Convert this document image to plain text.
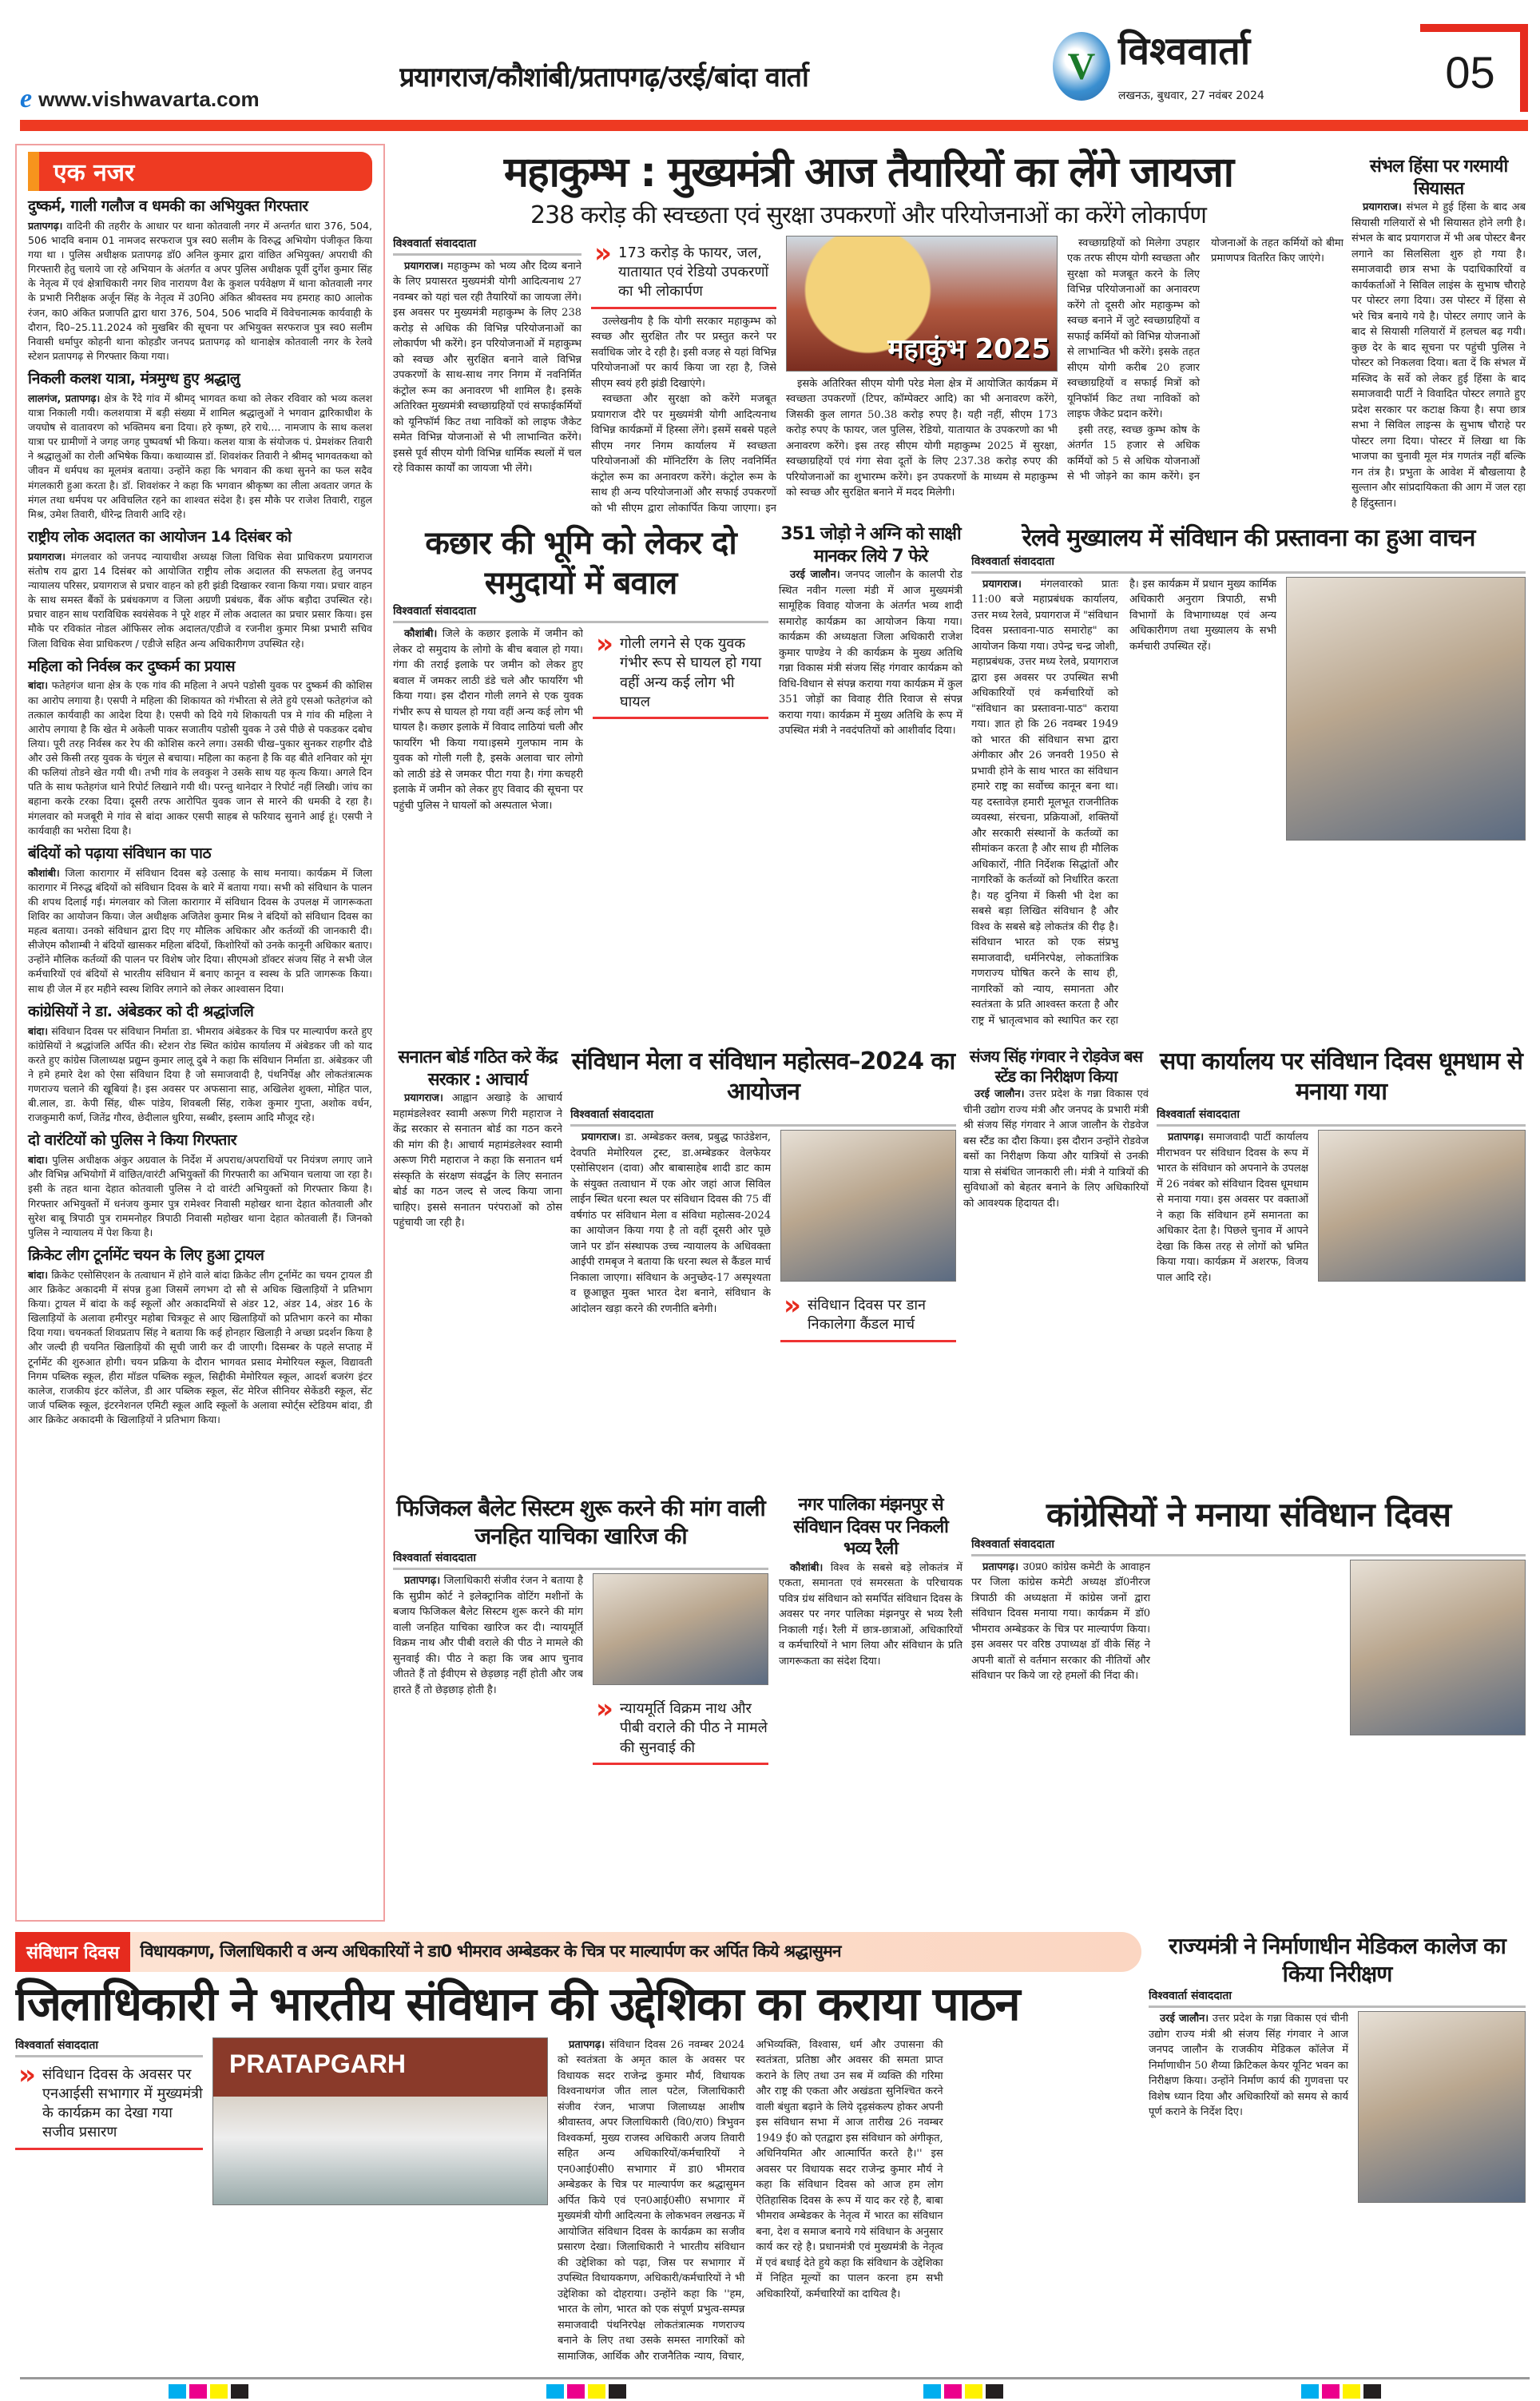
e www.vishwavarta.com
प्रयागराज/कौशांबी/प्रतापगढ़/उरई/बांदा वार्ता	V विश्ववार्ता
लखनऊ, बुधवार, 27 नवंबर 2024	05
एक नजर
दुष्कर्म, गाली गलौज व धमकी का अभियुक्त गिरफ्तार
प्रतापगढ़। वादिनी की तहरीर के आधार पर थाना कोतवाली नगर में अन्तर्गत धारा 376, 504, 506 भादवि बनाम 01 नामजद सरफराज पुत्र स्व0 सलीम के विरुद्ध अभियोग पंजीकृत किया गया था । पुलिस अधीक्षक प्रतापगढ़ डॉ0 अनिल कुमार द्वारा वांछित अभियुक्त/ अपराधी की गिरफ्तारी हेतु चलाये जा रहे अभियान के अंतर्गत व अपर पुलिस अधीक्षक पूर्वी दुर्गेश कुमार सिंह के नेतृत्व में एवं क्षेत्राधिकारी नगर शिव नारायण वैश के कुशल पर्यवेक्षण में थाना कोतवाली नगर के प्रभारी निरीक्षक अर्जून सिंह के नेतृत्व में उ0नि0 अंकित श्रीवस्तव मय हमराह का0 आलोक रंजन, का0 अंकित प्रजापति द्वारा धारा 376, 504, 506 भादवि में विवेचनात्मक कार्यवाही के दौरान, दि0–25.11.2024 को मुखबिर की सूचना पर अभियुक्त सरफराज पुत्र स्व0 सलीम निवासी धर्मापुर कोहनी थाना कोहडौर जनपद प्रतापगढ़ को थानाक्षेत्र कोतवाली नगर के रेलवे स्टेशन प्रतापगढ़ से गिरफ्तार किया गया।
निकली कलश यात्रा, मंत्रमुग्ध हुए श्रद्धालु
लालगंज, प्रतापगढ़। क्षेत्र के रैंदे गांव में श्रीमद् भागवत कथा को लेकर रविवार को भव्य कलश यात्रा निकाली गयी। कलशयात्रा में बड़ी संख्या में शामिल श्रद्धालुओं ने भगवान द्वारिकाधीश के जयघोष से वातावरण को भक्तिमय बना दिया। हरे कृष्ण, हरे राधे.... नामजाप के साथ कलश यात्रा पर ग्रामीणों ने जगह जगह पुष्पवर्षा भी किया। कलश यात्रा के संयोजक पं. प्रेमशंकर तिवारी ने श्रद्धालुओं का रोली अभिषेक किया। कथाव्यास डॉ. शिवशंकर तिवारी ने श्रीमद् भागवतकथा को जीवन में धर्मपथ का मूलमंत्र बताया। उन्होंने कहा कि भगवान की कथा सुनने का फल सदैव मंगलकारी हुआ करता है। डॉ. शिवशंकर ने कहा कि भगवान श्रीकृष्ण का लीला अवतार जगत के मंगल तथा धर्मपथ पर अविचलित रहने का शाश्वत संदेश है। इस मौके पर राजेश तिवारी, राहुल मिश्र, उमेश तिवारी, धीरेन्द्र तिवारी आदि रहे।
राष्ट्रीय लोक अदालत का आयोजन 14 दिसंबर को
प्रयागराज। मंगलवार को जनपद न्यायाधीश अध्यक्ष जिला विधिक सेवा प्राधिकरण प्रयागराज संतोष राय द्वारा 14 दिसंबर को आयोजित राष्ट्रीय लोक अदालत की सफलता हेतु जनपद न्यायालय परिसर, प्रयागराज से प्रचार वाहन को हरी झंडी दिखाकर रवाना किया गया। प्रचार वाहन के साथ समस्त बैंकों के प्रबंधकगण व जिला अग्रणी प्रबंधक, बैंक ऑफ बड़ौदा उपस्थित रहे। प्रचार वाहन साथ पराविधिक स्वयंसेवक ने पूरे शहर में लोक अदालत का प्रचार प्रसार किया। इस मौके पर रविकांत नोडल ऑफिसर लोक अदालत/एडीजे व रजनीश कुमार मिश्रा प्रभारी सचिव जिला विधिक सेवा प्राधिकरण / एडीजे सहित अन्य अधिकारीगण उपस्थित रहे।
महिला को निर्वस्त्र कर दुष्कर्म का प्रयास
बांदा। फतेहगंज थाना क्षेत्र के एक गांव की महिला ने अपने पडोसी युवक पर दुष्कर्म की कोशिस का आरोप लगाया है। एसपी ने महिला की शिकायत को गंभीरता से लेते हुये एसओ फतेहगंज को तत्काल कार्यवाही का आदेश दिया है। एसपी को दिये गये शिकायती पत्र मे गांव की महिला ने आरोप लगाया है कि खेत मे अकेली पाकर सजातीय पडोसी युवक ने उसे पीछे से पकडकर दबोच लिया। पूरी तरह निर्वस्त्र कर रेप की कोशिस करने लगा। उसकी चीख–पुकार सुनकर राहगीर दौडे और उसे किसी तरह युवक के चंगुल से बचाया। महिला का कहना है कि वह बीते शनिवार को मूंग की फलियां तोडने खेत गयी थी। तभी गांव के लवकुश ने उसके साथ यह कृत्य किया। अगले दिन पति के साथ फतेहगंज थाने रिपोर्ट लिखाने गयी थी। परन्तु थानेदार ने रिपोर्ट नहीं लिखी। जांच का बहाना करके टरका दिया। दूसरी तरफ आरोपित युवक जान से मारने की धमकी दे रहा है। मंगलवार को मजबूरी मे गांव से बांदा आकर एसपी साहब से फरियाद सुनाने आई हूं। एसपी ने कार्यवाही का भरोसा दिया है।
बंदियों को पढ़ाया संविधान का पाठ
कौशांबी। जिला कारागार में संविधान दिवस बड़े उत्साह के साथ मनाया। कार्यक्रम में जिला कारागार में निरुद्ध बंदियों को संविधान दिवस के बारे में बताया गया। सभी को संविधान के पालन की शपथ दिलाई गई। मंगलवार को जिला कारागार में संविधान दिवस के उपलक्ष में जागरूकता शिविर का आयोजन किया। जेल अधीक्षक अजितेश कुमार मिश्र ने बंदियों को संविधान दिवस का महत्व बताया। उनको संविधान द्वारा दिए गए मौलिक अधिकार और कर्तव्यों की जानकारी दी। सीजेएम कौशाम्बी ने बंदियों खासकर महिला बंदियों, किशोरियों को उनके कानूनी अधिकार बताए। उन्होंने मौलिक कर्तव्यों की पालन पर विशेष जोर दिया। सीएमओ डॉक्टर संजय सिंह ने सभी जेल कर्मचारियों एवं बंदियों से भारतीय संविधान में बनाए कानून व स्वस्थ के प्रति जागरूक किया। साथ ही जेल में हर महीने स्वस्थ शिविर लगाने को लेकर आश्वासन दिया।
कांग्रेसियों ने डा. अंबेडकर को दी श्रद्धांजलि
बांदा। संविधान दिवस पर संविधान निर्माता डा. भीमराव अंबेडकर के चित्र पर माल्यार्पण करते हुए कांग्रेसियों ने श्रद्धांजलि अर्पित की। स्टेशन रोड स्थित कांग्रेस कार्यालय में अंबेडकर जी को याद करते हुए कांग्रेस जिलाध्यक्ष प्रद्युम्न कुमार लालू दुबे ने कहा कि संविधान निर्माता डा. अंबेडकर जी ने हमे हमारे देश को ऐसा संविधान दिया है जो समाजवादी है, पंथनिर्पेक्ष और लोकतंत्रात्मक गणराज्य चलाने की खूबियां है। इस अवसर पर अफसाना साह, अखिलेश शुक्ला, मोहित पाल, बी.लाल, डा. केपी सिंह, धीरू पांडेय, शिवबली सिंह, राकेश कुमार गुप्ता, अशोक वर्धन, राजकुमारी कर्ण, जितेंद्र गौरव, छेदीलाल धुरिया, सब्बीर, इस्लाम आदि मौजूद रहे।
दो वारंटियों को पुलिस ने किया गिरफ्तार
बांदा। पुलिस अधीक्षक अंकुर अग्रवाल के निर्देश में अपराध/अपराधियों पर नियंत्रण लगाए जाने और विभिन्न अभियोगों में वांछित/वारंटी अभियुक्तों की गिरफ्तारी का अभियान चलाया जा रहा है। इसी के तहत थाना देहात कोतवाली पुलिस ने दो वारंटी अभियुक्तों को गिरफ्तार किया है। गिरफ्तार अभियुक्तों में धनंजय कुमार पुत्र रामेश्वर निवासी महोखर थाना देहात कोतवाली और सुरेश बाबू त्रिपाठी पुत्र राममनोहर त्रिपाठी निवासी महोखर थाना देहात कोतवाली हैं। जिनको पुलिस ने न्यायालय में पेश किया है।
क्रिकेट लीग टूर्नामेंट चयन के लिए हुआ ट्रायल
बांदा। क्रिकेट एसोसिएशन के तत्वाधान में होने वाले बांदा क्रिकेट लीग टूर्नामेंट का चयन ट्रायल डी आर क्रिकेट अकादमी में संपन्न हुआ जिसमें लगभग दो सौ से अधिक खिलाड़ियों ने प्रतिभाग किया। ट्रायल में बांदा के कई स्कूलों और अकादमियों से अंडर 12, अंडर 14, अंडर 16 के खिलाड़ियों के अलावा हमीरपुर महोबा चित्रकूट से आए खिलाड़ियों को प्रतिभाग करने का मौका दिया गया। चयनकर्ता शिवप्रताप सिंह ने बताया कि कई होनहार खिलाड़ी ने अच्छा प्रदर्शन किया है और जल्दी ही चयनित खिलाड़ियों की सूची जारी कर दी जाएगी। दिसम्बर के पहले सप्ताह में टूर्नामेंट की शुरुआत होगी। चयन प्रक्रिया के दौरान भागवत प्रसाद मेमोरियल स्कूल, विद्यावती निगम पब्लिक स्कूल, हीरा मॉडल पब्लिक स्कूल, सिद्दीकी मेमोरियल स्कूल, आदर्श बजरंग इंटर कालेज, राजकीय इंटर कॉलेज, डी आर पब्लिक स्कूल, सेंट मेरिज सीनियर सेकेंडरी स्कूल, सेंट जार्ज पब्लिक स्कूल, इंटरनेशनल एमिटी स्कूल आदि स्कूलों के अलावा स्पोर्ट्स स्टेडियम बांदा, डी आर क्रिकेट अकादमी के खिलाड़ियों ने प्रतिभाग किया।
महाकुम्भ : मुख्यमंत्री आज तैयारियों का लेंगे जायजा
238 करोड़ की स्वच्छता एवं सुरक्षा उपकरणों और परियोजनाओं का करेंगे लोकार्पण
विश्ववार्ता संवाददाता

प्रयागराज। महाकुम्भ को भव्य और दिव्य बनाने के लिए प्रयासरत मुख्यमंत्री योगी आदित्यनाथ 27 नवम्बर को यहां चल रही तैयारियों का जायजा लेंगे। इस अवसर पर मुख्यमंत्री महाकुम्भ के लिए 238 करोड़ से अधिक की विभिन्न परियोजनाओं का लोकार्पण भी करेंगे। इन परियोजनाओं में महाकुम्भ को स्वच्छ और सुरक्षित बनाने वाले विभिन्न उपकरणों के साथ-साथ नगर निगम में नवनिर्मित कंट्रोल रूम का अनावरण भी शामिल है। इसके अतिरिक्त मुख्यमंत्री स्वच्छाग्रहियों एवं सफाईकर्मियों को यूनिफॉर्म किट तथा नाविकों को लाइफ जैकेट समेत विभिन्न योजनाओं से भी लाभान्वित करेंगे। इससे पूर्व सीएम योगी विभिन्न धार्मिक स्थलों में चल रहे विकास कार्यों का जायजा भी लेंगे।

» 173 करोड़ के फायर, जल, यातायात एवं रेडियो उपकरणों का भी लोकार्पण

उल्लेखनीय है कि योगी सरकार महाकुम्भ को स्वच्छ और सुरक्षित तौर पर प्रस्तुत करने पर सर्वाधिक जोर दे रही है। इसी वजह से यहां विभिन्न परियोजनाओं पर कार्य किया जा रहा है, जिसे सीएम स्वयं हरी झंडी दिखाएंगे।

स्वच्छता और सुरक्षा को करेंगे मजबूत प्रयागराज दौरे पर मुख्यमंत्री योगी आदित्यनाथ विभिन्न कार्यक्रमों में हिस्सा लेंगे। इसमें सबसे पहले सीएम नगर निगम कार्यालय में स्वच्छता परियोजनाओं की मॉनिटरिंग के लिए नवनिर्मित कंट्रोल रूम का अनावरण करेंगे। कंट्रोल रूम के साथ ही अन्य परियोजनाओं और सफाई उपकरणों को भी सीएम द्वारा लोकार्पित किया जाएगा। इन

महाकुंभ 2025

इसके अतिरिक्त सीएम योगी परेड मेला क्षेत्र में आयोजित कार्यक्रम में स्वच्छता उपकरणों (टिपर, कॉम्पेक्टर आदि) का भी अनावरण करेंगे, जिसकी कुल लागत 50.38 करोड़ रुपए है। यही नहीं, सीएम 173 करोड़ रुपए के फायर, जल पुलिस, रेडियो, यातायात के उपकरणो का भी अनावरण करेंगे। इस तरह सीएम योगी महाकुम्भ 2025 में सुरक्षा, स्वच्छाग्रहियों एवं गंगा सेवा दूतों के लिए 237.38 करोड़ रुपए की परियोजनाओं का शुभारम्भ करेंगे। इन उपकरणों के माध्यम से महाकुम्भ को स्वच्छ और सुरक्षित बनाने में मदद मिलेगी।

स्वच्छाग्रहियों को मिलेगा उपहार एक तरफ सीएम योगी स्वच्छता और सुरक्षा को मजबूत करने के लिए विभिन्न परियोजनाओं का अनावरण करेंगे तो दूसरी ओर महाकुम्भ को स्वच्छ बनाने में जुटे स्वच्छाग्रहियों व सफाई कर्मियों को विभिन्न योजनाओं से लाभान्वित भी करेंगे। इसके तहत सीएम योगी करीब 20 हजार स्वच्छाग्रहियों व सफाई मित्रों को यूनिफॉर्म किट तथा नाविकों को लाइफ जैकेट प्रदान करेंगे।

इसी तरह, स्वच्छ कुम्भ कोष के अंतर्गत 15 हजार से अधिक कर्मियों को 5 से अधिक योजनाओं से भी जोड़ने का काम करेंगे। इन योजनाओं के तहत कर्मियों को बीमा प्रमाणपत्र वितरित किए जाएंगे।

संभल हिंसा पर गरमायी सियासत

प्रयागराज। संभल मे हुई हिंसा के बाद अब सियासी गलियारों से भी सियासत होने लगी है। संभल के बाद प्रयागराज में भी अब पोस्टर बैनर लगाने का सिलसिला शुरु हो गया है। समाजवादी छात्र सभा के पदाधिकारियों व कार्यकर्ताओं ने सिविल लाइंस के सुभाष चौराहे पर पोस्टर लगा दिया। उस पोस्टर में हिंसा से भरे चित्र बनाये गये है। पोस्टर लगाए जाने के बाद से सियासी गलियारों में हलचल बढ़ गयी। कुछ देर के बाद सूचना पर पहुंची पुलिस ने पोस्टर को निकलवा दिया। बता दें कि संभल में मस्जिद के सर्वे को लेकर हुई हिंसा के बाद समाजवादी पार्टी ने विवादित पोस्टर लगाते हुए प्रदेश सरकार पर कटाक्ष किया है। सपा छात्र सभा ने सिविल लाइन्स के सुभाष चौराहे पर पोस्टर लगा दिया। पोस्टर में लिखा था कि भाजपा का चुनावी मूल मंत्र गणतंत्र नहीं बल्कि गन तंत्र है। प्रभुता के आवेश में बौखलाया है सुल्तान और सांप्रदायिकता की आग में जल रहा है हिंदुस्तान।

कछार की भूमि को लेकर दो समुदायों में बवाल
विश्ववार्ता संवाददाता

कौशांबी। जिले के कछार इलाके में जमीन को लेकर दो समुदाय के लोगो के बीच बवाल हो गया। गंगा की तराई इलाके पर जमीन को लेकर हुए बवाल में जमकर लाठी डंडे चले और फायरिंग भी किया गया। इस दौरान गोली लगने से एक युवक गंभीर रूप से घायल हो गया वहीं अन्य कई लोग भी घायल है। कछार इलाके में विवाद लाठियां चली और फायरिंग भी किया गया।इसमे गुलफाम नाम के युवक को गोली गली है, इसके अलावा चार लोगो को लाठी डंडे से जमकर पीटा गया है। गंगा कचहरी इलाके में जमीन को लेकर हुए विवाद की सूचना पर पहुंची पुलिस ने घायलों को अस्पताल भेजा।

» गोली लगने से एक युवक गंभीर रूप से घायल हो गया वहीं अन्य कई लोग भी घायल
351 जोड़ो ने अग्नि को साक्षी मानकर लिये 7 फेरे

उरई जालौन। जनपद जालौन के कालपी रोड स्थित नवीन गल्ला मंडी में आज मुख्यमंत्री सामूहिक विवाह योजना के अंतर्गत भव्य शादी समारोह कार्यक्रम का आयोजन किया गया। कार्यक्रम की अध्यक्षता जिला अधिकारी राजेश कुमार पाण्डेय ने की कार्यक्रम के मुख्य अतिथि गन्ना विकास मंत्री संजय सिंह गंगवार कार्यक्रम को विधि-विधान से संपन्न कराया गया कार्यक्रम में कुल 351 जोड़ों का विवाह रीति रिवाज से संपन्न कराया गया। कार्यक्रम में मुख्य अतिथि के रूप में उपस्थित मंत्री ने नवदंपतियों को आशीर्वाद दिया।

रेलवे मुख्यालय में संविधान की प्रस्तावना का हुआ वाचन
विश्ववार्ता संवाददाता

प्रयागराज। मंगलवारको प्रातः 11:00 बजे महाप्रबंधक कार्यालय, उत्तर मध्य रेलवे, प्रयागराज में "संविधान दिवस प्रस्तावना-पाठ समारोह" का आयोजन किया गया। उपेन्द्र चन्द्र जोशी, महाप्रबंधक, उत्तर मध्य रेलवे, प्रयागराज द्वारा इस अवसर पर उपस्थित सभी अधिकारियों एवं कर्मचारियों को "संविधान का प्रस्तावना-पाठ" कराया गया। ज्ञात हो कि 26 नवम्बर 1949 को भारत की संविधान सभा द्वारा अंगीकार और 26 जनवरी 1950 से प्रभावी होने के साथ भारत का संविधान हमारे राष्ट्र का सर्वोच्च कानून बना था। यह दस्तावेज़ हमारी मूलभूत राजनीतिक व्यवस्था, संरचना, प्रक्रियाओं, शक्तियों और सरकारी संस्थानों के कर्तव्यों का सीमांकन करता है और साथ ही मौलिक अधिकारों, नीति निर्देशक सिद्धांतों और नागरिकों के कर्तव्यों को निर्धारित करता है। यह दुनिया में किसी भी देश का सबसे बड़ा लिखित संविधान है और विश्व के सबसे बड़े लोकतंत्र की रीढ़ है। संविधान भारत को एक संप्रभु समाजवादी, धर्मनिरपेक्ष, लोकतांत्रिक गणराज्य घोषित करने के साथ ही, नागरिकों को न्याय, समानता और स्वतंत्रता के प्रति आश्वस्त करता है और राष्ट्र में भ्रातृत्वभाव को स्थापित कर रहा है। इस कार्यक्रम में प्रधान मुख्य कार्मिक अधिकारी अनुराग त्रिपाठी, सभी विभागों के विभागाध्यक्ष एवं अन्य अधिकारीगण तथा मुख्यालय के सभी कर्मचारी उपस्थित रहें।

सनातन बोर्ड गठित करे केंद्र सरकार : आचार्य

प्रयागराज। आह्वान अखाड़े के आचार्य महामंडलेश्वर स्वामी अरूण गिरी महाराज ने केंद्र सरकार से सनातन बोर्ड का गठन करने की मांग की है। आचार्य महामंडलेश्वर स्वामी अरूण गिरी महाराज ने कहा कि सनातन धर्म संस्कृति के संरक्षण संवर्द्धन के लिए सनातन बोर्ड का गठन जल्द से जल्द किया जाना चाहिए। इससे सनातन परंपराओं को ठोस पहुंचायी जा रही है।

संविधान मेला व संविधान महोत्सव–2024 का आयोजन
विश्ववार्ता संवाददाता

प्रयागराज। डा. अम्बेडकर क्लब, प्रबुद्ध फाउंडेशन, देवपति मेमोरियल ट्रस्ट, डा.अम्बेडकर वेलफेयर एसोसिएशन (दावा) और बाबासाहेब शादी डाट काम के संयुक्त तत्वाधान में एक ओर जहां आज सिविल लाईन स्थित धरना स्थल पर संविधान दिवस की 75 वीं वर्षगांठ पर संविधान मेला व संविधा महोत्सव-2024 का आयोजन किया गया है तो वहीं दूसरी ओर पूछे जाने पर डॉन संस्थापक उच्च न्यायालय के अधिवक्ता आईपी रामबृज ने बताया कि धरना स्थल से कैंडल मार्च निकाला जाएगा। संविधान के अनुच्छेद-17 अस्पृश्यता व छूआछूत मुक्त भारत देश बनाने, संविधान के आंदोलन खड़ा करने की रणनीति बनेगी।	» संविधान दिवस पर डान निकालेगा कैंडल मार्च
संजय सिंह गंगवार ने रोड़वेज बस स्टेंड का निरीक्षण किया

उरई जालौन। उत्तर प्रदेश के गन्ना विकास एवं चीनी उद्योग राज्य मंत्री और जनपद के प्रभारी मंत्री श्री संजय सिंह गंगवार ने आज जालौन के रोडवेज बस स्टैंड का दौरा किया। इस दौरान उन्होंने रोडवेज बसों का निरीक्षण किया और यात्रियों से उनकी यात्रा से संबंधित जानकारी ली। मंत्री ने यात्रियों की सुविधाओं को बेहतर बनाने के लिए अधिकारियों को आवश्यक हिदायत दी।

सपा कार्यालय पर संविधान दिवस धूमधाम से मनाया गया
विश्ववार्ता संवाददाता

प्रतापगढ़। समाजवादी पार्टी कार्यालय मीराभवन पर संविधान दिवस के रूप में भारत के संविधान को अपनाने के उपलक्ष में 26 नवंबर को संविधान दिवस धूमधाम से मनाया गया। इस अवसर पर वक्ताओं ने कहा कि संविधान हमें समानता का अधिकार देता है। पिछले चुनाव में आपने देखा कि किस तरह से लोगों को भ्रमित किया गया। कार्यक्रम में अशरफ, विजय पाल आदि रहे।

फिजिकल बैलेट सिस्टम शुरू करने की मांग वाली जनहित याचिका खारिज की
विश्ववार्ता संवाददाता

प्रतापगढ़। जिलाधिकारी संजीव रंजन ने बताया है कि सुप्रीम कोर्ट ने इलेक्ट्रानिक वोटिंग मशीनों के बजाय फिजिकल बैलेट सिस्टम शुरू करने की मांग वाली जनहित याचिका खारिज कर दी। न्यायमूर्ति विक्रम नाथ और पीबी वराले की पीठ ने मामले की सुनवाई की। पीठ ने कहा कि जब आप चुनाव जीतते हैं तो ईवीएम से छेड़छाड़ नहीं होती और जब हारते हैं तो छेड़छाड़ होती है।

» न्यायमूर्ति विक्रम नाथ और पीबी वराले की पीठ ने मामले की सुनवाई की
नगर पालिका मंझनपुर से संविधान दिवस पर निकली भव्य रैली

कौशांबी। विश्व के सबसे बड़े लोकतंत्र में एकता, समानता एवं समरसता के परिचायक पवित्र ग्रंथ संविधान को समर्पित संविधान दिवस के अवसर पर नगर पालिका मंझनपुर से भव्य रैली निकाली गई। रैली में छात्र-छात्राओं, अधिकारियों व कर्मचारियों ने भाग लिया और संविधान के प्रति जागरूकता का संदेश दिया।

कांग्रेसियों ने मनाया संविधान दिवस
विश्ववार्ता संवाददाता

प्रतापगढ़। उ0प्र0 कांग्रेस कमेटी के आवाहन पर जिला कांग्रेस कमेटी अध्यक्ष डॉ0नीरज त्रिपाठी की अध्यक्षता में कांग्रेस जनों द्वारा संविधान दिवस मनाया गया। कार्यक्रम में डॉ0 भीमराव अम्बेडकर के चित्र पर माल्यार्पण किया। इस अवसर पर वरिष्ठ उपाध्यक्ष डॉ वीके सिंह ने अपनी बातों से वर्तमान सरकार की नीतियों और संविधान पर किये जा रहे हमलों की निंदा की।

राज्यमंत्री ने निर्माणाधीन मेडिकल कालेज का किया निरीक्षण
विश्ववार्ता संवाददाता

उरई जालौन। उत्तर प्रदेश के गन्ना विकास एवं चीनी उद्योग राज्य मंत्री श्री संजय सिंह गंगवार ने आज जनपद जालौन के राजकीय मेडिकल कॉलेज में निर्माणाधीन 50 शैय्या क्रिटिकल केयर यूनिट भवन का निरीक्षण किया। उन्होंने निर्माण कार्य की गुणवत्ता पर विशेष ध्यान दिया और अधिकारियों को समय से कार्य पूर्ण कराने के निर्देश दिए।

संविधान दिवस	विधायकगण, जिलाधिकारी व अन्य अधिकारियों ने डा0 भीमराव अम्बेडकर के चित्र पर माल्यार्पण कर अर्पित किये श्रद्धासुमन
जिलाधिकारी ने भारतीय संविधान की उद्देशिका का कराया पाठन
विश्ववार्ता संवाददाता
» संविधान दिवस के अवसर पर एनआईसी सभागार में मुख्यमंत्री के कार्यक्रम का देखा गया सजीव प्रसारण
PRATAPGARH

प्रतापगढ़। संविधान दिवस 26 नवम्बर 2024 को स्वतंत्रता के अमृत काल के अवसर पर विधायक सदर राजेन्द्र कुमार मौर्य, विधायक विश्वनाथगंज जीत लाल पटेल, जिलाधिकारी संजीव रंजन, भाजपा जिलाध्यक्ष आशीष श्रीवास्तव, अपर जिलाधिकारी (वि0/रा0) त्रिभुवन विश्वकर्मा, मुख्य राजस्व अधिकारी अजय तिवारी सहित अन्य अधिकारियों/कर्मचारियों ने एन0आई0सी0 सभागार में डा0 भीमराव अम्बेडकर के चित्र पर माल्यार्पण कर श्रद्धासुमन अर्पित किये एवं एन0आई0सी0 सभागार में मुख्यमंत्री योगी आदित्यना के लोकभवन लखनऊ में आयोजित संविधान दिवस के कार्यक्रम का सजीव प्रसारण देखा। जिलाधिकारी ने भारतीय संविधान की उद्देशिका को पढ़ा, जिस पर सभागार में उपस्थित विधायकगण, अधिकारी/कर्मचारियों ने भी उद्देशिका को दोहराया। उन्होंने कहा कि ''हम, भारत के लोग, भारत को एक संपूर्ण प्रभुत्व-सम्पन्न समाजवादी पंथनिरपेक्ष लोकतंत्रात्मक गणराज्य बनाने के लिए तथा उसके समस्त नागरिकों को सामाजिक, आर्थिक और राजनैतिक न्याय, विचार, अभिव्यक्ति, विश्वास, धर्म और उपासना की स्वतंत्रता, प्रतिष्ठा और अवसर की समता प्राप्त कराने के लिए तथा उन सब में व्यक्ति की गरिमा और राष्ट्र की एकता और अखंडता सुनिश्चित करने वाली बंधुता बढ़ाने के लिये दृढ़संकल्प होकर अपनी इस संविधान सभा में आज तारीख 26 नवम्बर 1949 ई0 को एतद्वारा इस संविधान को अंगीकृत, अधिनियमित और आत्मार्पित करते है।'' इस अवसर पर विधायक सदर राजेन्द्र कुमार मौर्य ने कहा कि संविधान दिवस को आज हम लोग ऐतिहासिक दिवस के रूप में याद कर रहे है, बाबा भीमराव अम्बेडकर के नेतृत्व में भारत का संविधान बना, देश व समाज बनाये गये संविधान के अनुसार कार्य कर रहे है। प्रधानमंत्री एवं मुख्यमंत्री के नेतृत्व में एवं बधाई देते हुये कहा कि संविधान के उद्देशिका में निहित मूल्यों का पालन करना हम सभी अधिकारियों, कर्मचारियों का दायित्व है।
